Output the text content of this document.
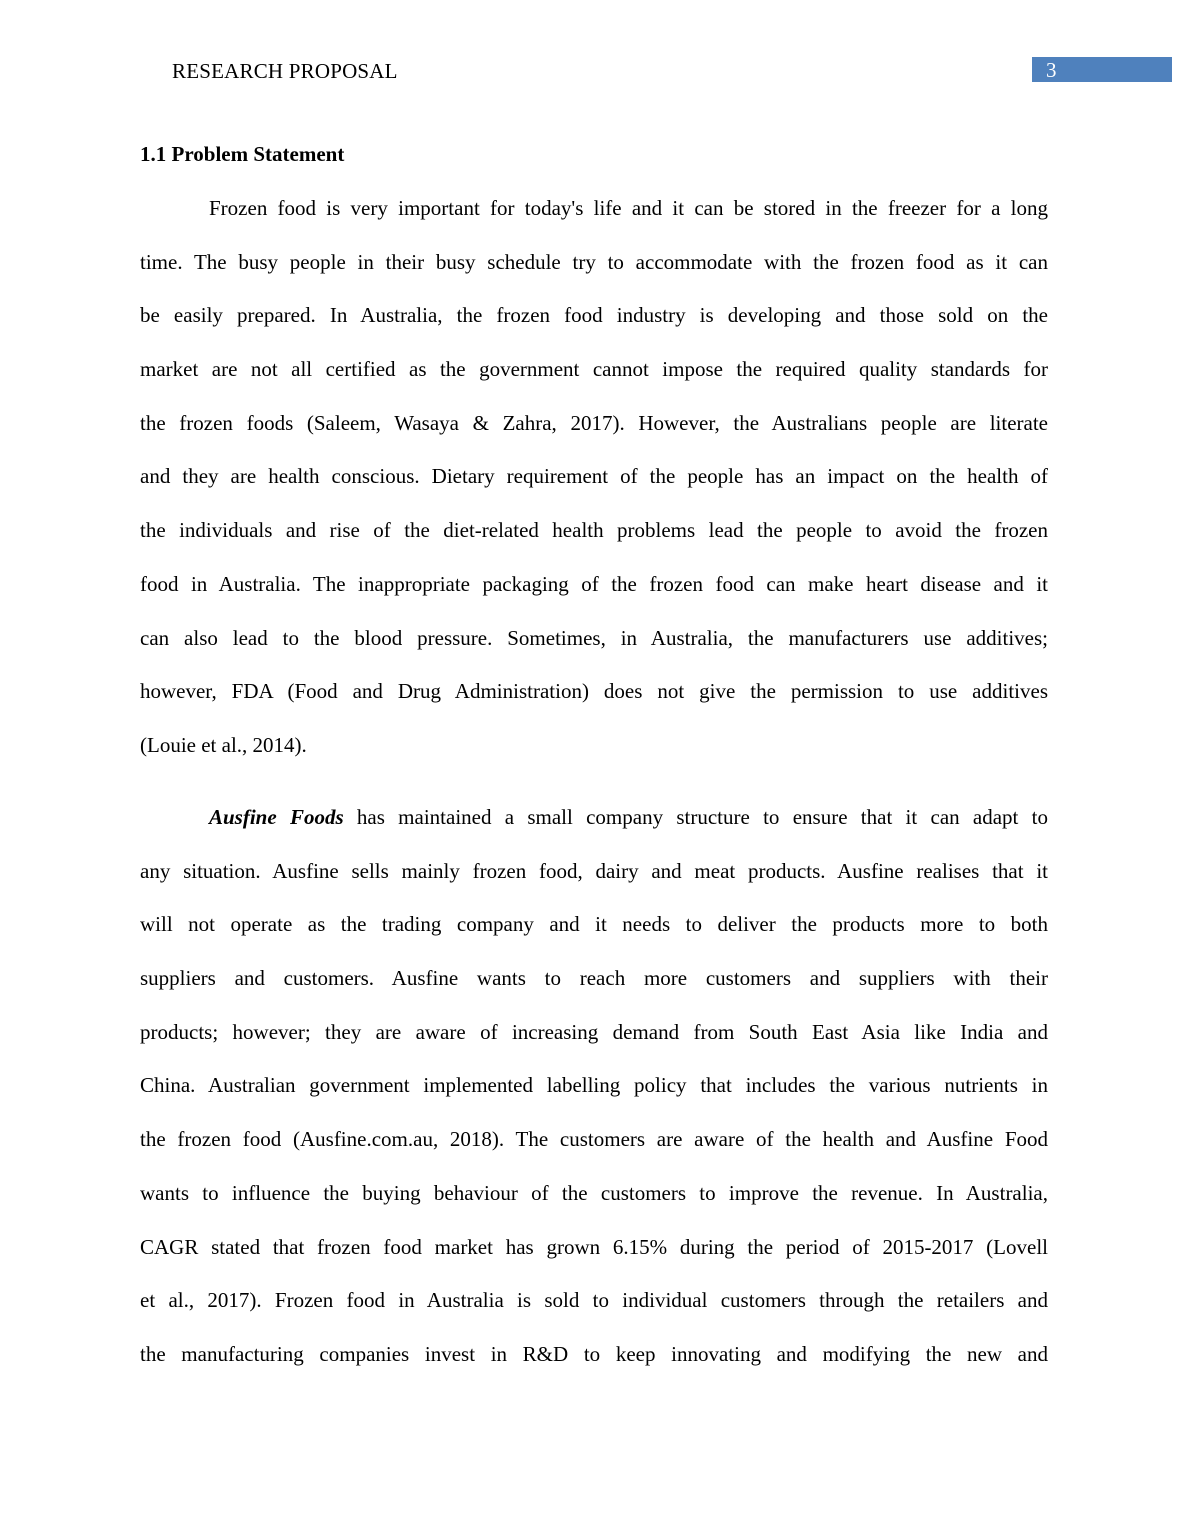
RESEARCH PROPOSAL	3
1.1 Problem Statement
Frozen food is very important for today's life and it can be stored in the freezer for a long
time. The busy people in their busy schedule try to accommodate with the frozen food as it can
be easily prepared. In Australia, the frozen food industry is developing and those sold on the
market are not all certified as the government cannot impose the required quality standards for
the frozen foods (Saleem, Wasaya & Zahra, 2017). However, the Australians people are literate
and they are health conscious. Dietary requirement of the people has an impact on the health of
the individuals and rise of the diet-related health problems lead the people to avoid the frozen
food in Australia. The inappropriate packaging of the frozen food can make heart disease and it
can also lead to the blood pressure. Sometimes, in Australia, the manufacturers use additives;
however, FDA (Food and Drug Administration) does not give the permission to use additives
(Louie et al., 2014).
Ausfine Foods has maintained a small company structure to ensure that it can adapt to
any situation. Ausfine sells mainly frozen food, dairy and meat products. Ausfine realises that it
will not operate as the trading company and it needs to deliver the products more to both
suppliers and customers. Ausfine wants to reach more customers and suppliers with their
products; however; they are aware of increasing demand from South East Asia like India and
China. Australian government implemented labelling policy that includes the various nutrients in
the frozen food (Ausfine.com.au, 2018). The customers are aware of the health and Ausfine Food
wants to influence the buying behaviour of the customers to improve the revenue. In Australia,
CAGR stated that frozen food market has grown 6.15% during the period of 2015-2017 (Lovell
et al., 2017). Frozen food in Australia is sold to individual customers through the retailers and
the manufacturing companies invest in R&D to keep innovating and modifying the new and
